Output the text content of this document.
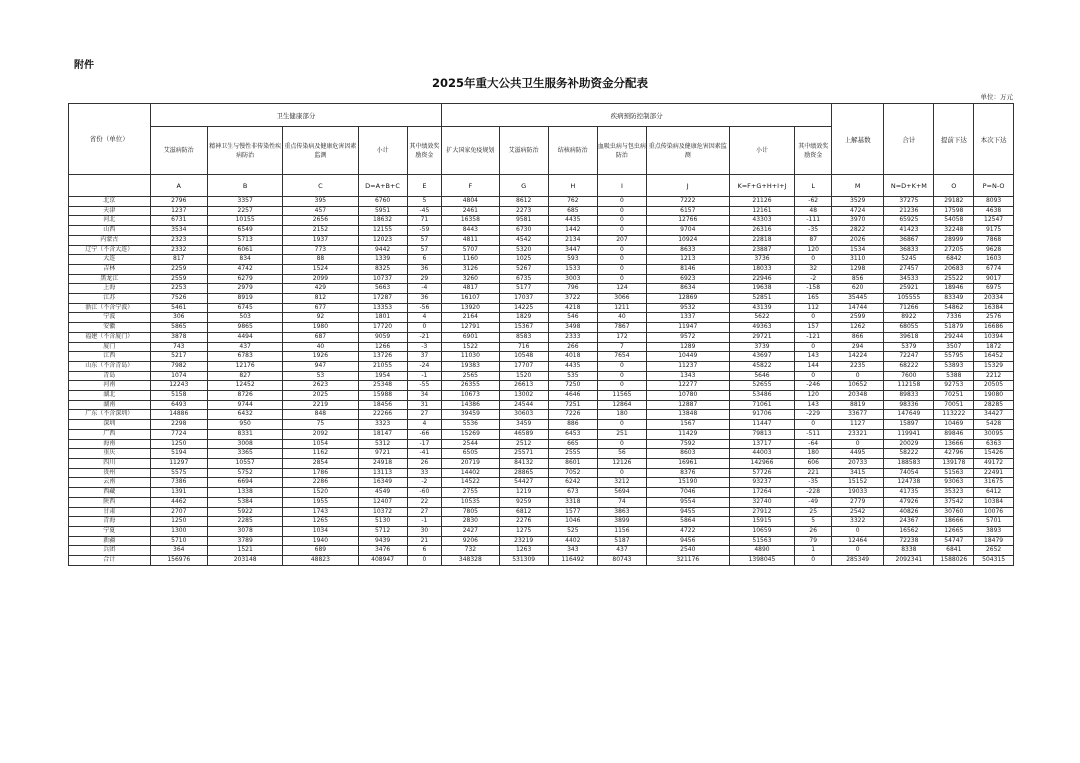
附件
2025年重大公共卫生服务补助资金分配表
单位：万元
省份（单位）	卫生健康部分					疾病预防控制部分							上解基数	合计	提前下达	本次下达
	艾滋病防治	精神卫生与慢性非传染性疾病防治	重点传染病及健康危害因素监测	小计	其中绩效奖励资金	扩大国家免疫规划	艾滋病防治	结核病防治	血吸虫病与包虫病防治	重点传染病及健康危害因素监测	小计	其中绩效奖励资金				
	A	B	C	D=A+B+C	E	F	G	H	I	J	K=F+G+H+I+J	L	M	N=D+K+M	O	P=N-O
北京	2796	3357	395	6760	5	4804	8612	762	0	7222	21126	-62	3529	37275	29182	8093
天津	1237	2257	457	5951	-45	2461	2273	685	0	6157	12161	48	4724	21236	17598	4638
河北	6731	10155	2656	18632	71	16358	9581	4435	0	12766	43303	-111	3970	65925	54058	12547
山西	3534	6549	2152	12155	-59	8443	6730	1442	0	9704	26316	-35	2822	41423	32248	9175
内蒙古	2323	5713	1937	12023	57	4811	4542	2134	207	10924	22818	87	2026	36867	28999	7868
辽宁（不含大连）	2332	6061	773	9442	57	5707	5320	3447	0	8633	23887	120	1534	36833	27205	9628
大连	817	834	88	1339	6	1160	1025	593	0	1213	3736	0	3110	5245	6842	1603
吉林	2259	4742	1524	8325	36	3126	5267	1533	0	8146	18033	32	1298	27457	20683	6774
黑龙江	2559	6279	2099	10737	29	3260	6735	3003	0	6923	22946	-2	856	34533	25522	9017
上海	2253	2979	429	5663	-4	4817	5177	796	124	8634	19638	-158	620	25921	18946	6975
江苏	7526	8919	812	17287	36	16107	17037	3722	3066	12869	52851	165	35445	105555	83349	20334
浙江（不含宁波）	5461	6745	677	13353	-56	13920	14225	4218	1211	9532	43139	112	14744	71266	54862	16384
宁波	306	503	92	1801	4	2164	1829	546	40	1337	5622	0	2599	8922	7336	2576
安徽	5865	9865	1980	17720	0	12791	15367	3498	7867	11947	49363	157	1262	68055	51879	16686
福建（不含厦门）	3878	4494	687	9059	-21	6901	8583	2333	172	9572	29721	-121	866	39618	29244	10394
厦门	743	437	40	1266	-3	1522	716	266	7	1289	3739	0	294	5379	3507	1872
江西	5217	6783	1926	13726	37	11030	10548	4018	7654	10449	43697	143	14224	72247	55795	16452
山东（不含青岛）	7982	12176	947	21055	-24	19383	17707	4435	0	11237	45822	144	2235	68222	53893	15329
青岛	1074	827	53	1954	-1	2565	1520	535	0	1343	5646	0	0	7600	5388	2212
河南	12243	12452	2623	25348	-55	26355	26613	7250	0	12277	52655	-246	10652	112158	92753	20505
湖北	5158	8726	2025	15988	34	10673	13002	4646	11565	10780	53486	120	20348	89833	70251	19080
湖南	6493	9744	2219	18456	31	14386	24544	7251	12864	12887	71061	143	8819	98336	70051	28285
广东（不含深圳）	14886	6432	848	22266	27	39459	30603	7226	180	13848	91706	-229	33677	147649	113222	34427
深圳	2298	950	75	3323	4	5536	3459	886	0	1567	11447	0	1127	15897	10469	5428
广西	7724	8331	2092	18147	-66	15269	46589	6453	251	11429	79813	-511	23321	119941	89846	30095
海南	1250	3008	1054	5312	-17	2544	2512	665	0	7592	13717	-64	0	20029	13666	6363
重庆	5194	3365	1162	9721	-41	6505	25571	2555	56	8603	44003	180	4495	58222	42796	15426
四川	11297	10557	2854	24918	26	20719	84132	8601	12126	16961	142966	606	20733	188583	139178	49172
贵州	5575	5752	1786	13113	33	14402	28865	7052	0	8376	57726	221	3415	74054	51563	22491
云南	7386	6694	2286	16349	-2	14522	54427	6242	3212	15190	93237	-35	15152	124738	93063	31675
西藏	1391	1338	1520	4549	-60	2755	1219	673	5694	7046	17264	-228	19033	41735	35323	6412
陕西	4462	5384	1955	12407	22	10535	9259	3318	74	9554	32740	-49	2779	47926	37542	10384
甘肃	2707	5922	1743	10372	27	7805	6812	1577	3863	9455	27912	25	2542	40826	30760	10076
青海	1250	2285	1265	5130	-1	2830	2276	1046	3899	5864	15915	5	3322	24367	18666	5701
宁夏	1300	3078	1034	5712	30	2427	1275	525	1156	4722	10659	26	0	16562	12665	3893
新疆	5710	3789	1940	9439	21	9206	23219	4402	5187	9456	51563	79	12464	72238	54747	18479
兵团	364	1521	689	3476	6	732	1263	343	437	2540	4890	1	0	8338	6841	2652
合计	156976	203148	48823	408947	0	348328	531309	116492	80743	321176	1398045	0	285349	2092341	1588026	504315
